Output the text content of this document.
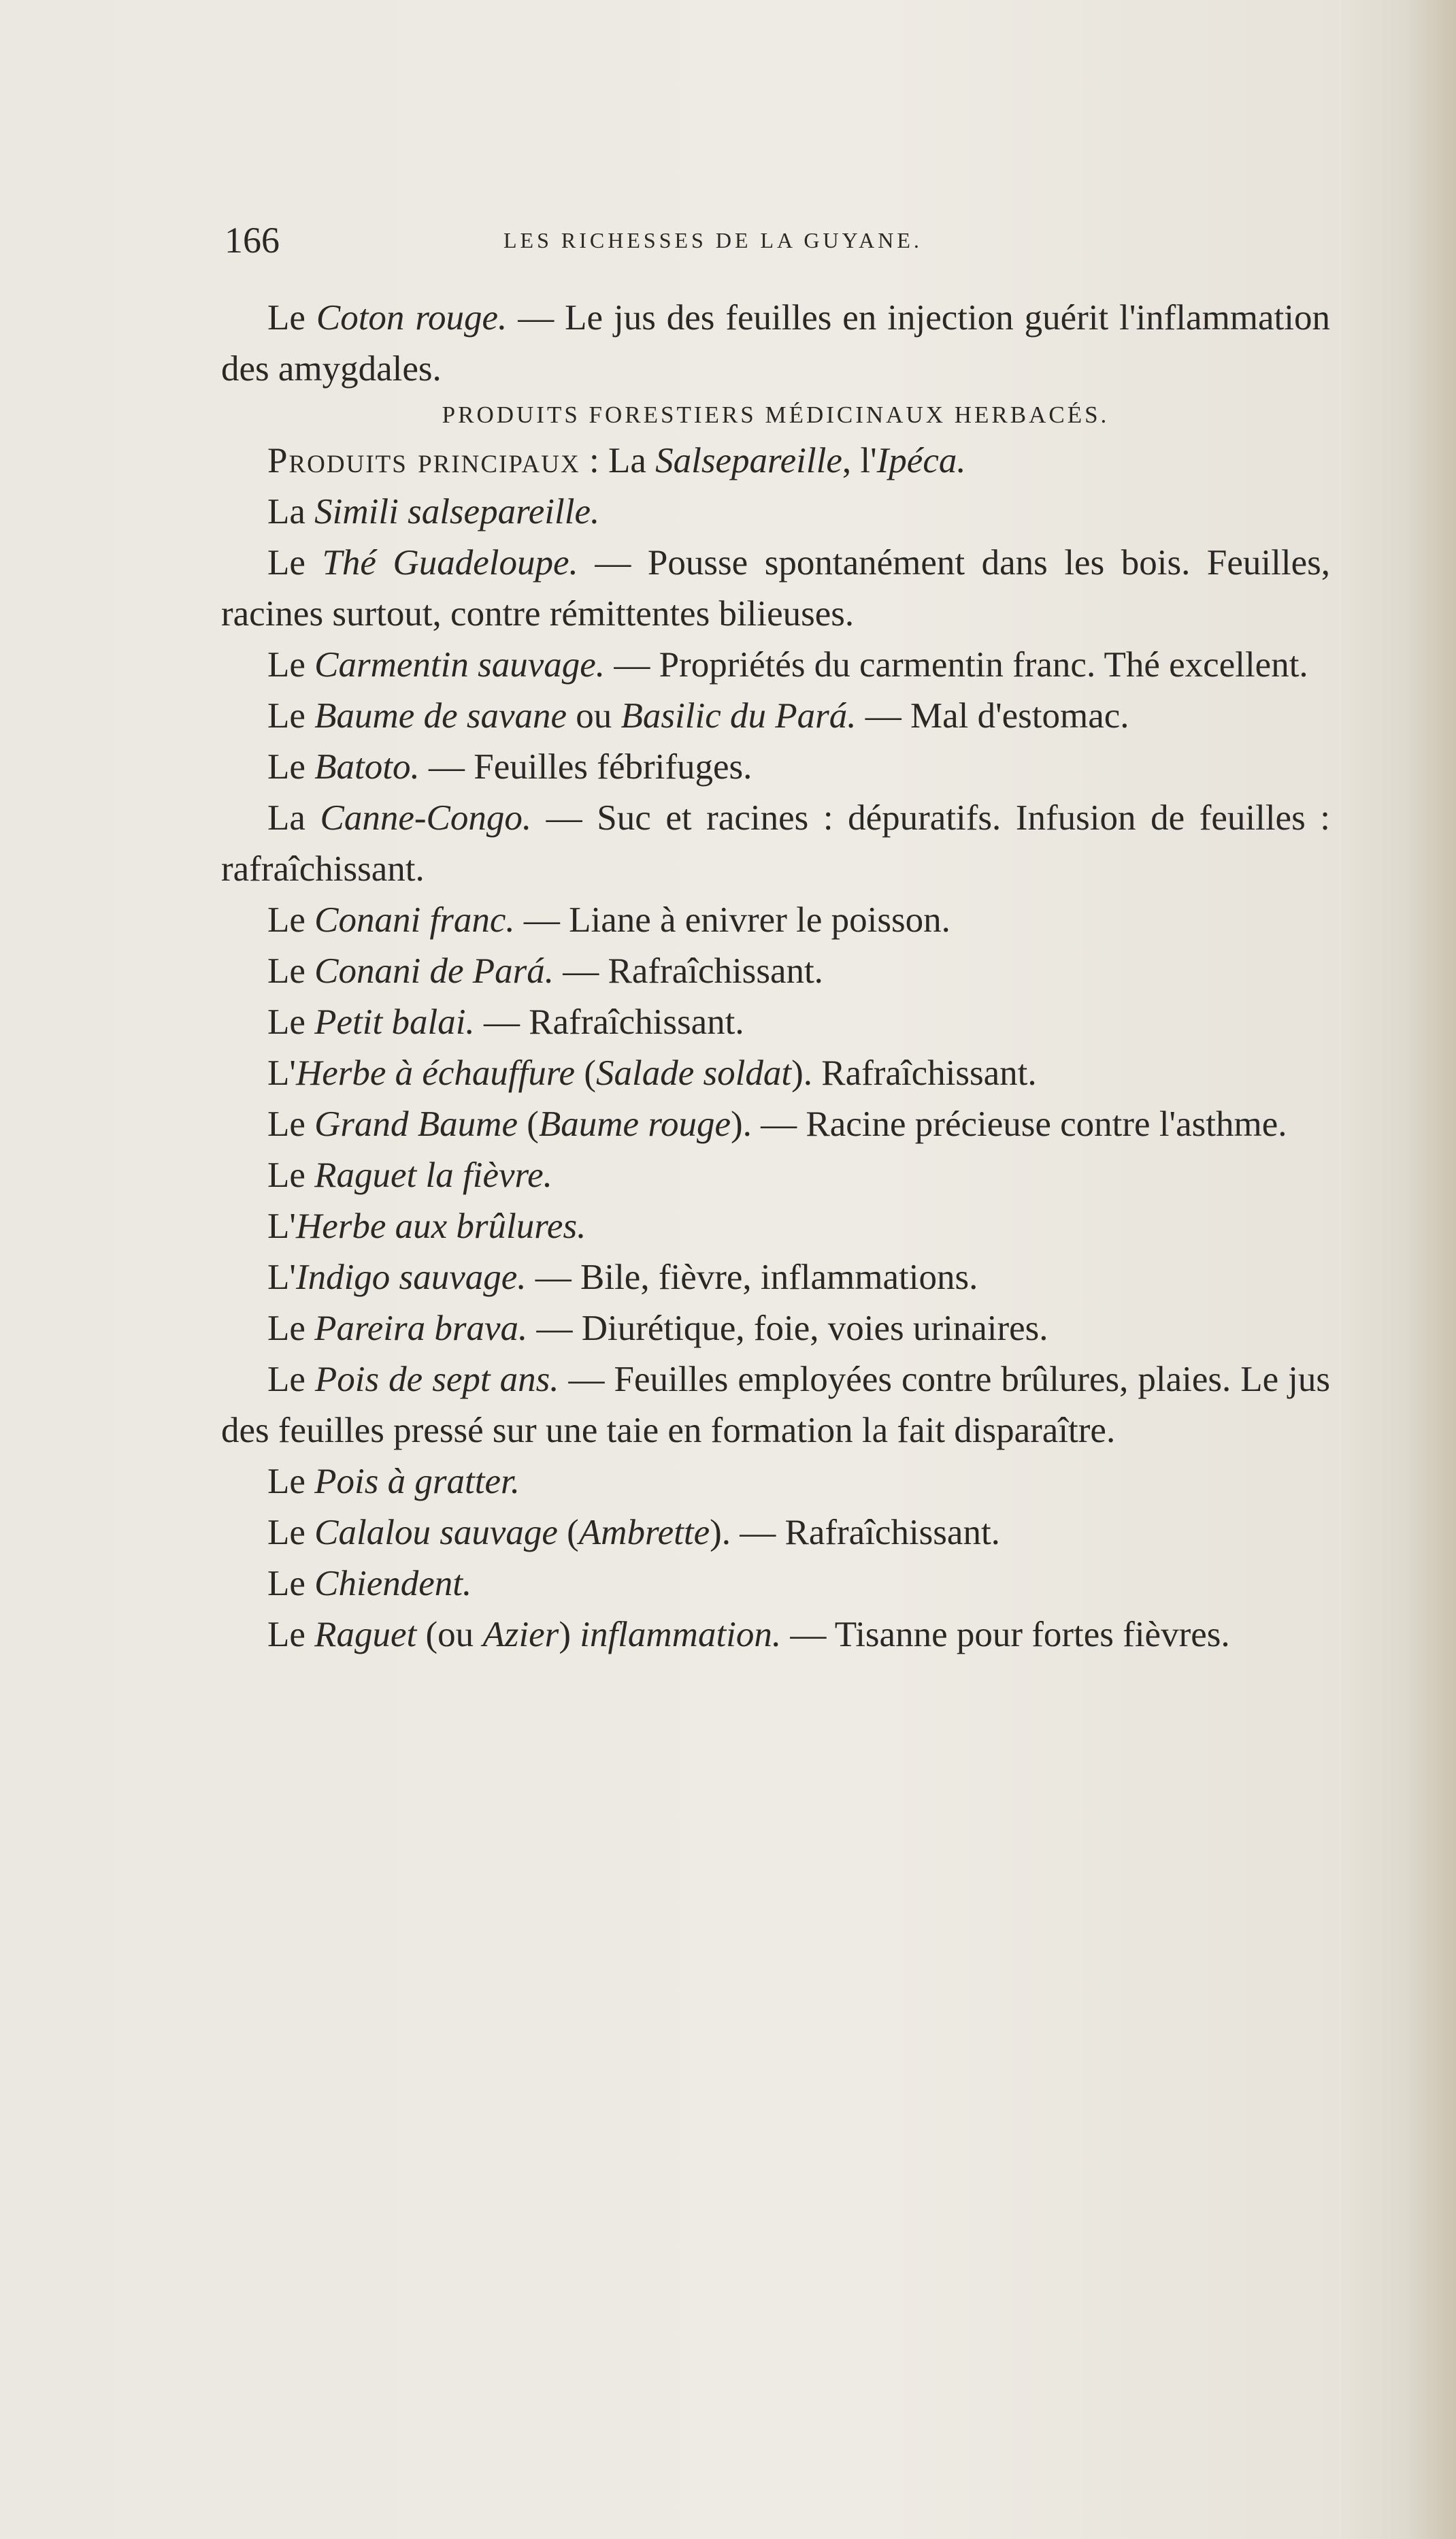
166	LES RICHESSES DE LA GUYANE.

Le Coton rouge. — Le jus des feuilles en injection guérit l'inflammation des amygdales.

PRODUITS FORESTIERS MÉDICINAUX HERBACÉS.

Produits principaux : La Salsepareille, l'Ipéca.

La Simili salsepareille.

Le Thé Guadeloupe. — Pousse spontanément dans les bois. Feuilles, racines surtout, contre rémittentes bilieuses.

Le Carmentin sauvage. — Propriétés du carmentin franc. Thé excellent.

Le Baume de savane ou Basilic du Pará. — Mal d'estomac.

Le Batoto. — Feuilles fébrifuges.

La Canne-Congo. — Suc et racines : dépuratifs. Infusion de feuilles : rafraîchissant.

Le Conani franc. — Liane à enivrer le poisson.

Le Conani de Pará. — Rafraîchissant.

Le Petit balai. — Rafraîchissant.

L'Herbe à échauffure (Salade soldat). Rafraîchissant.

Le Grand Baume (Baume rouge). — Racine précieuse contre l'asthme.

Le Raguet la fièvre.

L'Herbe aux brûlures.

L'Indigo sauvage. — Bile, fièvre, inflammations.

Le Pareira brava. — Diurétique, foie, voies urinaires.

Le Pois de sept ans. — Feuilles employées contre brûlures, plaies. Le jus des feuilles pressé sur une taie en formation la fait disparaître.

Le Pois à gratter.

Le Calalou sauvage (Ambrette). — Rafraîchissant.

Le Chiendent.

Le Raguet (ou Azier) inflammation. — Tisanne pour fortes fièvres.
